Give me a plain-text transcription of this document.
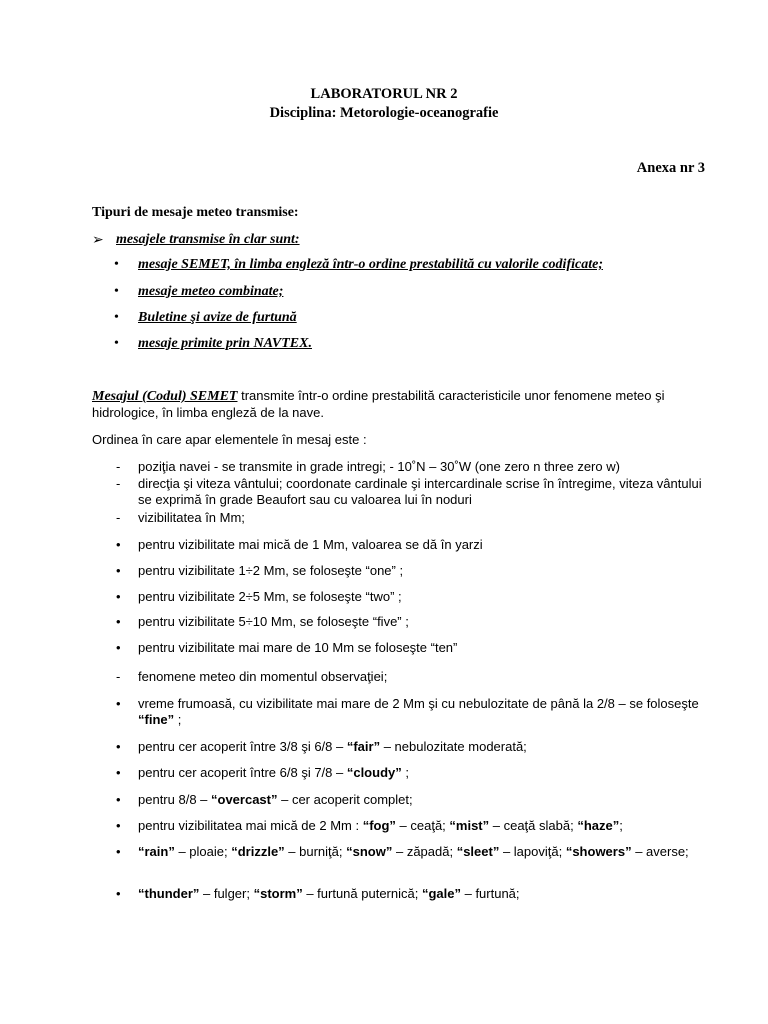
LABORATORUL NR 2
Disciplina: Metorologie-oceanografie
Anexa nr 3
Tipuri de mesaje meteo transmise:
➢ mesajele transmise în clar sunt:
• mesaje SEMET, în limba engleză într-o ordine prestabilită cu valorile codificate;
• mesaje meteo combinate;
• Buletine şi avize de furtună
• mesaje primite prin NAVTEX.
Mesajul (Codul) SEMET transmite într-o ordine prestabilită caracteristicile unor fenomene meteo şi hidrologice, în limba engleză de la nave.
Ordinea în care apar elementele în mesaj este :
-	poziţia navei - se transmite in grade intregi; - 10˚N – 30˚W (one zero n three zero w)
-	direcţia şi viteza vântului; coordonate cardinale şi intercardinale scrise în întregime, viteza vântului se exprimă în grade Beaufort sau cu valoarea lui în noduri
-	vizibilitatea în Mm;
•	pentru vizibilitate mai mică de 1 Mm, valoarea se dă în yarzi
•	pentru vizibilitate 1÷2 Mm, se foloseşte “one” ;
•	pentru vizibilitate 2÷5 Mm, se foloseşte “two” ;
•	pentru vizibilitate 5÷10 Mm, se foloseşte “five” ;
•	pentru vizibilitate mai mare de 10 Mm se foloseşte “ten”
-	fenomene meteo din momentul observaţiei;
•	vreme frumoasă, cu vizibilitate mai mare de 2 Mm şi cu nebulozitate de până la 2/8 – se foloseşte “fine” ;
•	pentru cer acoperit între 3/8 şi 6/8 – “fair” – nebulozitate moderată;
•	pentru cer acoperit între 6/8 şi 7/8 – “cloudy” ;
•	pentru 8/8 – “overcast” – cer acoperit complet;
•	pentru vizibilitatea mai mică de 2 Mm : “fog” – ceaţă; “mist” – ceaţă slabă; “haze”;
•	“rain” – ploaie; “drizzle” – burniţă; “snow” – zăpadă; “sleet” – lapoviţă; “showers” – averse;
•	“thunder” – fulger; “storm” – furtună puternică; “gale” – furtună;
